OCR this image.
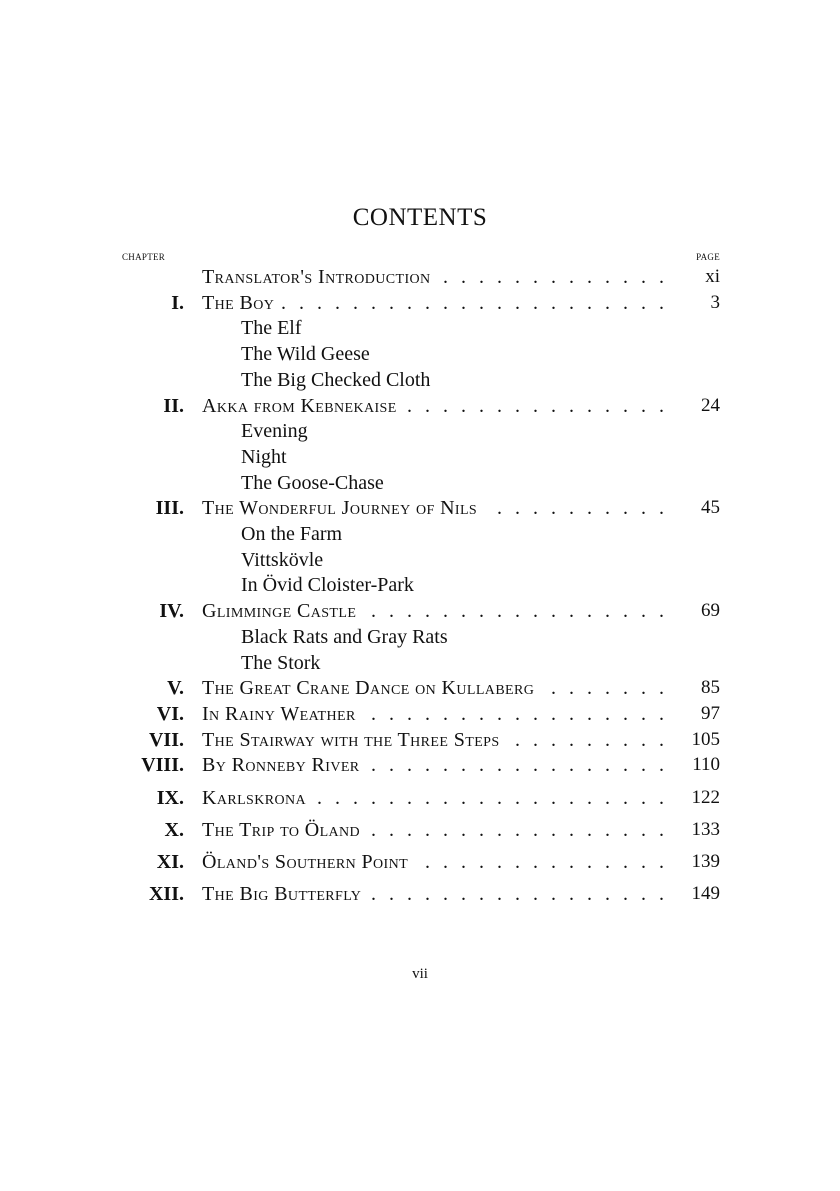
CONTENTS
CHAPTER	PAGE
. . .
Translator's Introduction	xi
I. . . . The Boy	3
The Elf
The Wild Geese
The Big Checked Cloth
II. . . . Akka from Kebnekaise	24
Evening
Night
The Goose-Chase
III. . . . The Wonderful Journey of Nils	45
On the Farm
Vittskövle
In Övid Cloister-Park
IV. . . . Glimminge Castle	69
Black Rats and Gray Rats
The Stork
V. . . . The Great Crane Dance on Kullaberg	85
VI. . . . In Rainy Weather	97
VII. . . . The Stairway with the Three Steps	105
VIII. . . . By Ronneby River	110
IX. . . . Karlskrona	122
X. . . . The Trip to Öland	133
XI. . . . Öland's Southern Point	139
XII. . . . The Big Butterfly	149
vii
